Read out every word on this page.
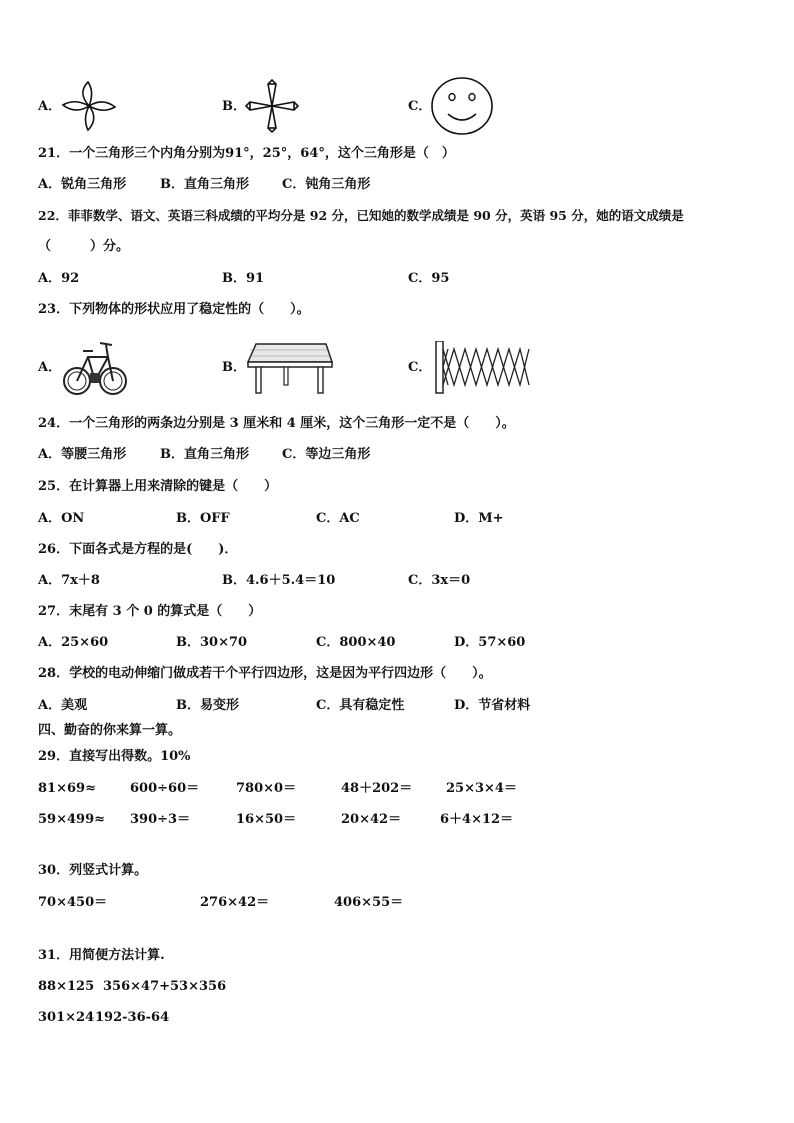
A．	B．	C．
21．一个三角形三个内角分别为91°，25°，64°，这个三角形是（　）
A．锐角三角形	B．直角三角形	C．钝角三角形
22．菲菲数学、语文、英语三科成绩的平均分是 92 分，已知她的数学成绩是 90 分，英语 95 分，她的语文成绩是
（　　　）分。
A．92	B．91	C．95
23．下列物体的形状应用了稳定性的（　　）。
A．	B．	C．
24．一个三角形的两条边分别是 3 厘米和 4 厘米，这个三角形一定不是（　　）。
A．等腰三角形	B．直角三角形	C．等边三角形
25．在计算器上用来清除的键是（　　）
A．ON	B．OFF	C．AC	D．M+
26．下面各式是方程的是(　　)．
A．7x＋8	B．4.6＋5.4＝10	C．3x＝0
27．末尾有 3 个 0 的算式是（　　）
A．25×60	B．30×70	C．800×40	D．57×60
28．学校的电动伸缩门做成若干个平行四边形，这是因为平行四边形（　　）。
A．美观	B．易变形	C．具有稳定性	D．节省材料
四、勤奋的你来算一算。
29．直接写出得数。10%
81×69≈	600÷60＝	780×0＝	48＋202＝	25×3×4＝
59×499≈ 390÷3＝	16×50＝	20×42＝	6＋4×12＝
30．列竖式计算。
70×450＝	276×42＝	406×55＝
31．用简便方法计算.
88×125 356×47+53×356
301×24 192-36-64
